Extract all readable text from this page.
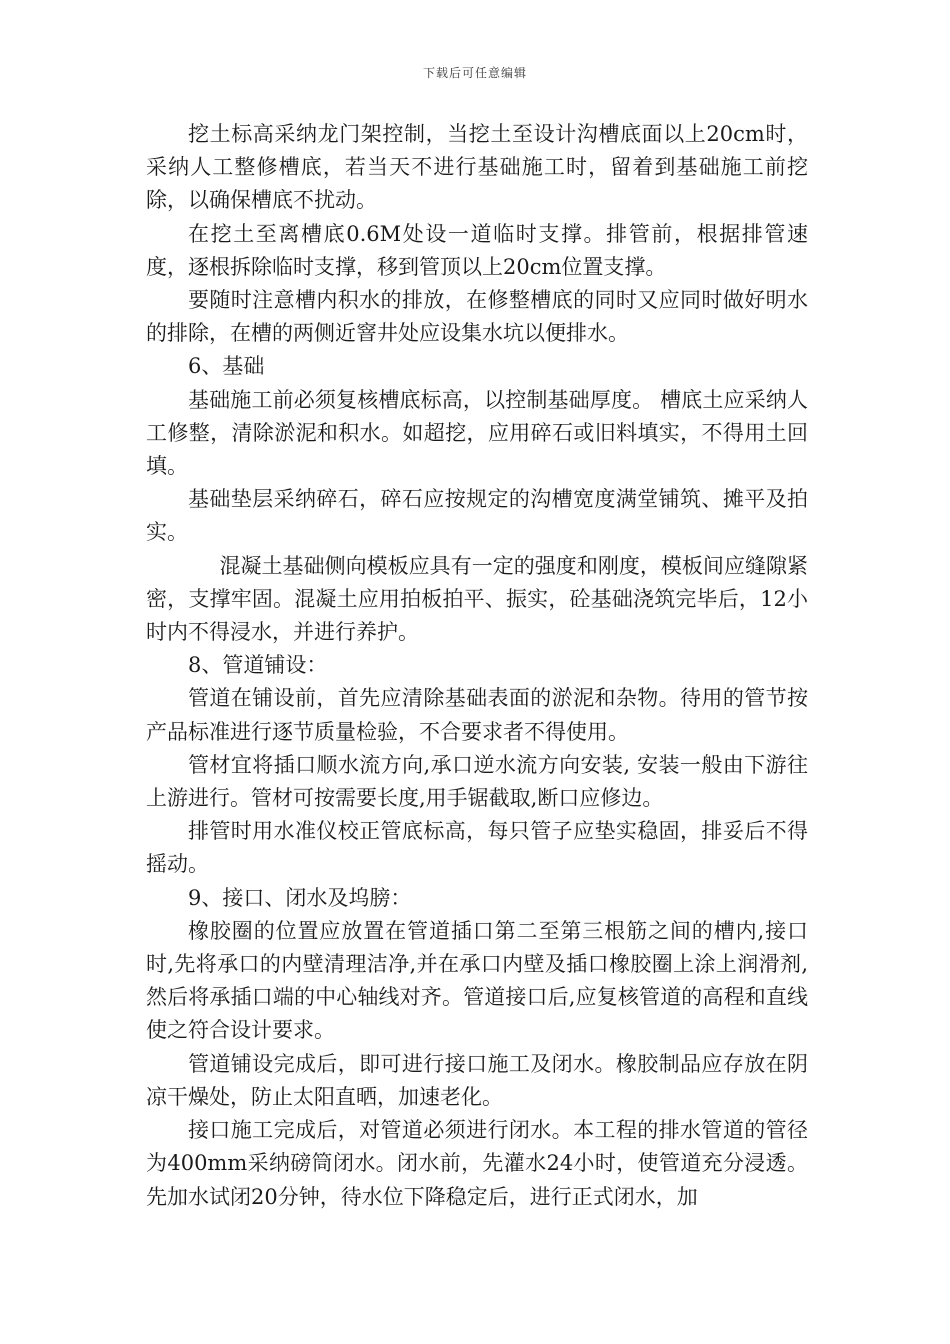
下载后可任意编辑

挖土标高采纳龙门架控制，当挖土至设计沟槽底面以上20cm时，采纳人工整修槽底，若当天不进行基础施工时，留着到基础施工前挖除，以确保槽底不扰动。

在挖土至离槽底0.6M处设一道临时支撑。排管前，根据排管速度，逐根拆除临时支撑，移到管顶以上20cm位置支撑。

要随时注意槽内积水的排放，在修整槽底的同时又应同时做好明水的排除，在槽的两侧近窨井处应设集水坑以便排水。

6、基础

基础施工前必须复核槽底标高，以控制基础厚度。 槽底土应采纳人工修整，清除淤泥和积水。如超挖，应用碎石或旧料填实，不得用土回填。

基础垫层采纳碎石，碎石应按规定的沟槽宽度满堂铺筑、摊平及拍实。

混凝土基础侧向模板应具有一定的强度和刚度，模板间应缝隙紧密，支撑牢固。混凝土应用拍板拍平、振实，砼基础浇筑完毕后，12小时内不得浸水，并进行养护。

8、管道铺设：

管道在铺设前，首先应清除基础表面的淤泥和杂物。待用的管节按产品标准进行逐节质量检验，不合要求者不得使用。

管材宜将插口顺水流方向,承口逆水流方向安装, 安装一般由下游往上游进行。管材可按需要长度,用手锯截取,断口应修边。

排管时用水准仪校正管底标高，每只管子应垫实稳固，排妥后不得摇动。

9、接口、闭水及坞膀：

橡胶圈的位置应放置在管道插口第二至第三根筋之间的槽内,接口时,先将承口的内壁清理洁净,并在承口内壁及插口橡胶圈上涂上润滑剂,然后将承插口端的中心轴线对齐。管道接口后,应复核管道的高程和直线使之符合设计要求。

管道铺设完成后，即可进行接口施工及闭水。橡胶制品应存放在阴凉干燥处，防止太阳直晒，加速老化。

接口施工完成后，对管道必须进行闭水。本工程的排水管道的管径为400mm采纳磅筒闭水。闭水前，先灌水24小时，使管道充分浸透。先加水试闭20分钟，待水位下降稳定后，进行正式闭水，加
